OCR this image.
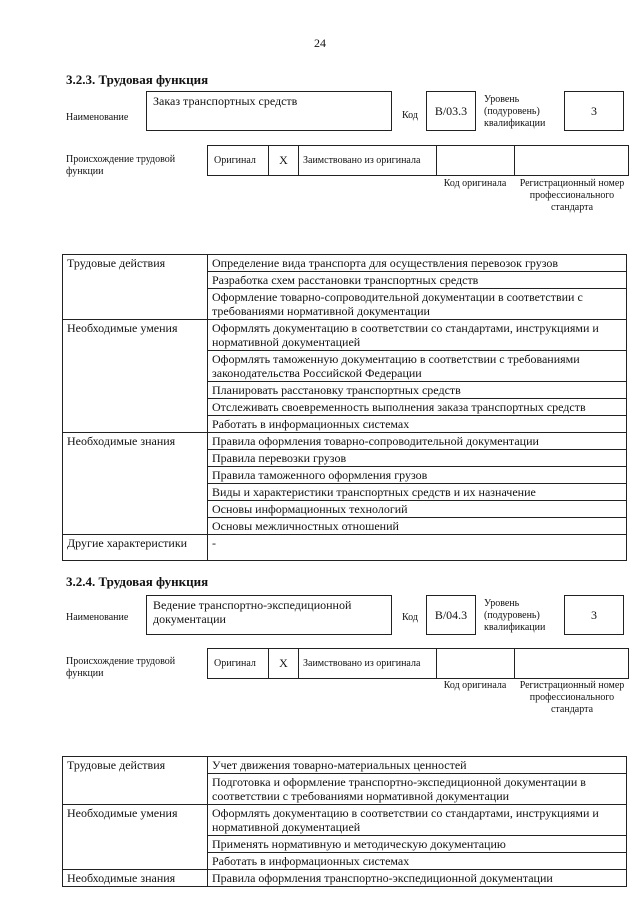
24
3.2.3. Трудовая функция
Наименование
Заказ транспортных средств
Код	B/03.3
Уровень (подуровень) квалификации
3
Происхождение трудовой функции
Оригинал	X	Заимствовано из оригинала
Код оригинала	Регистрационный номер профессионального стандарта
Трудовые действия	Определение вида транспорта для осуществления перевозок грузов
	Разработка схем расстановки транспортных средств
	Оформление товарно-сопроводительной документации в соответствии с требованиями нормативной документации
Необходимые умения	Оформлять документацию в соответствии со стандартами, инструкциями и нормативной документацией
	Оформлять таможенную документацию в соответствии с требованиями законодательства Российской Федерации
	Планировать расстановку транспортных средств
	Отслеживать своевременность выполнения заказа транспортных средств
	Работать в информационных системах
Необходимые знания	Правила оформления товарно-сопроводительной документации
	Правила перевозки грузов
	Правила таможенного оформления грузов
	Виды и характеристики транспортных средств и их назначение
	Основы информационных технологий
	Основы межличностных отношений
Другие характеристики	-
3.2.4. Трудовая функция
Наименование
Ведение транспортно-экспедиционной документации	Код	B/04.3
Уровень (подуровень) квалификации
3
Происхождение трудовой функции
Оригинал	X	Заимствовано из оригинала
Код оригинала	Регистрационный номер профессионального стандарта
Трудовые действия	Учет движения товарно-материальных ценностей
	Подготовка и оформление транспортно-экспедиционной документации в соответствии с требованиями нормативной документации
Необходимые умения	Оформлять документацию в соответствии со стандартами, инструкциями и нормативной документацией
	Применять нормативную и методическую документацию
	Работать в информационных системах
Необходимые знания	Правила оформления транспортно-экспедиционной документации
